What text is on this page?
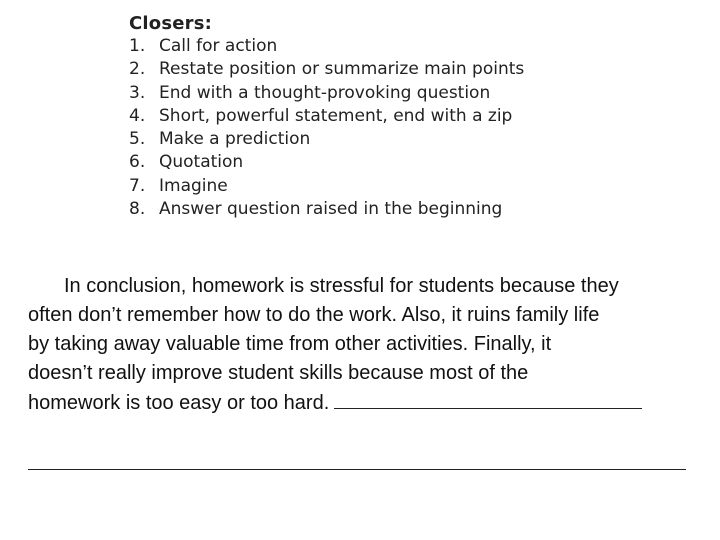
Closers:
1. Call for action
2. Restate position or summarize main points
3. End with a thought-provoking question
4. Short, powerful statement, end with a zip
5. Make a prediction
6. Quotation
7. Imagine
8. Answer question raised in the beginning
In conclusion, homework is stressful for students because they
often don’t remember how to do the work. Also, it ruins family life
by taking away valuable time from other activities. Finally, it
doesn’t really improve student skills because most of the
homework is too easy or too hard.
